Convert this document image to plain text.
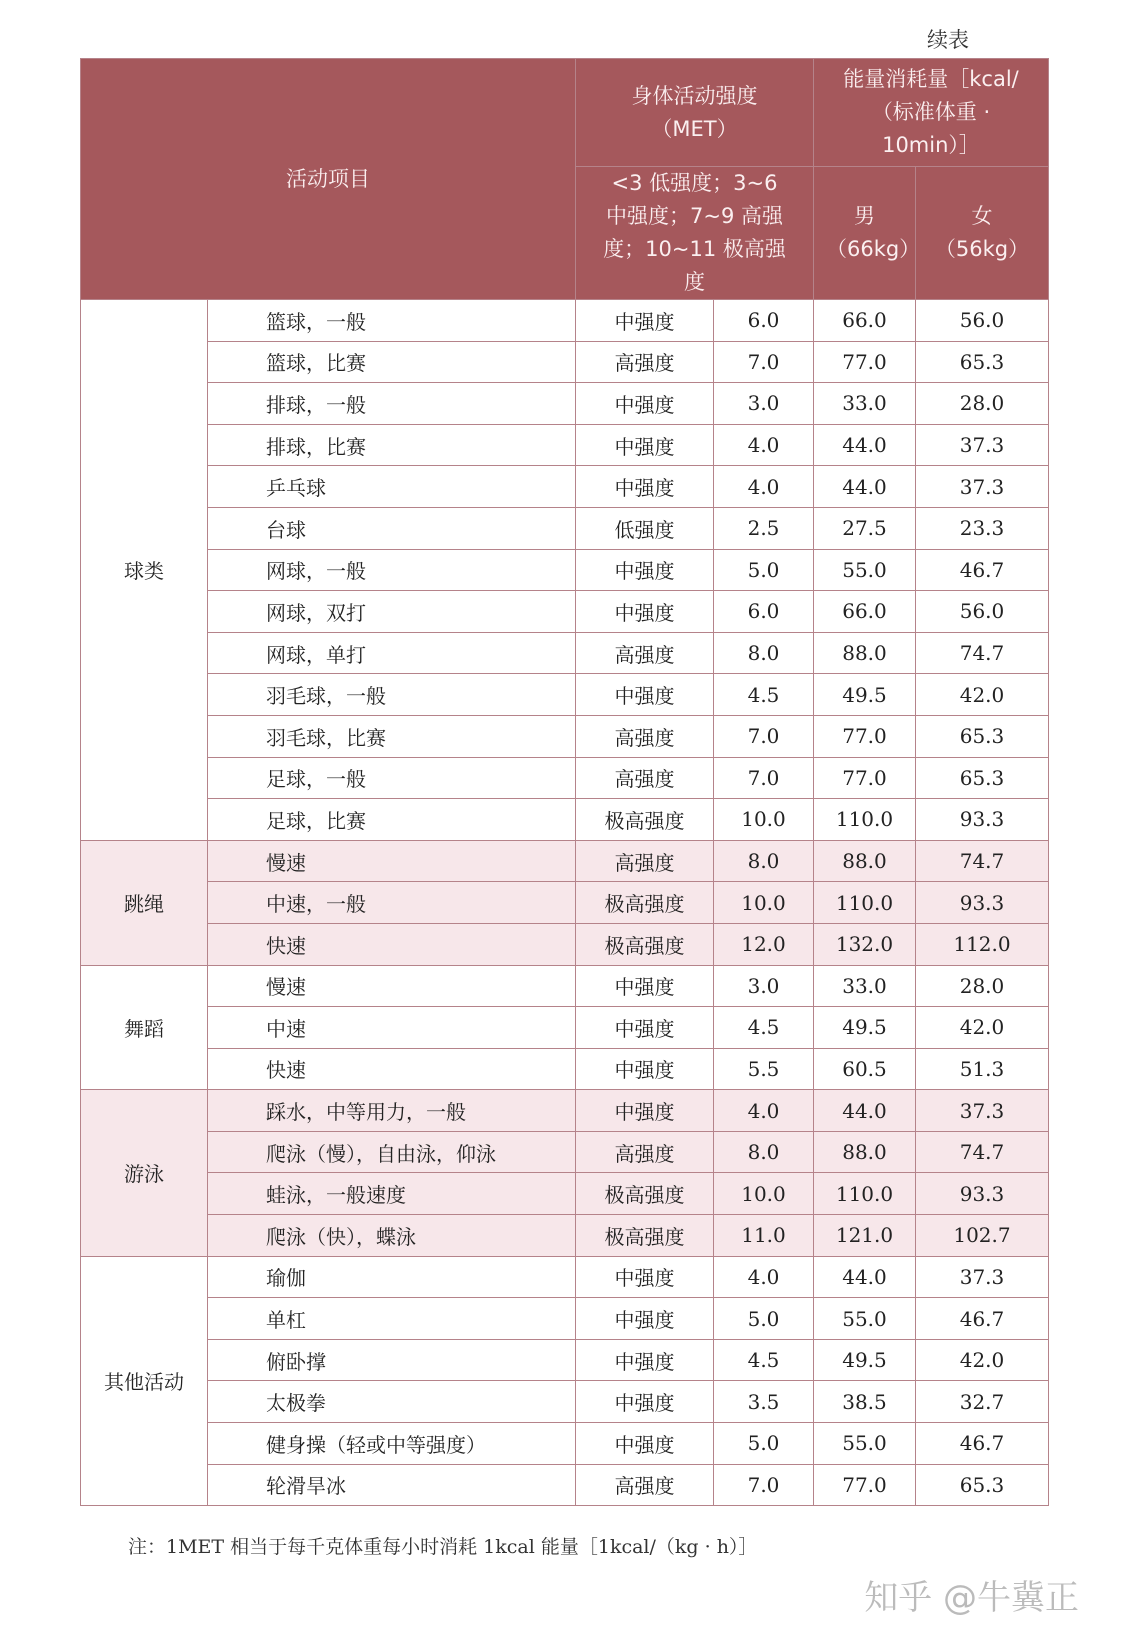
续表
活动项目		身体活动强度（MET）		能量消耗量［kcal/（标准体重 · 10min）］	
		<3 低强度；3~6 中强度；7~9 高强度；10~11 极高强度		男（66kg）	女（56kg）
球类	篮球，一般	中强度	6.0	66.0	56.0
	篮球，比赛	高强度	7.0	77.0	65.3
	排球，一般	中强度	3.0	33.0	28.0
	排球，比赛	中强度	4.0	44.0	37.3
	乒乓球	中强度	4.0	44.0	37.3
	台球	低强度	2.5	27.5	23.3
	网球，一般	中强度	5.0	55.0	46.7
	网球，双打	中强度	6.0	66.0	56.0
	网球，单打	高强度	8.0	88.0	74.7
	羽毛球，一般	中强度	4.5	49.5	42.0
	羽毛球，比赛	高强度	7.0	77.0	65.3
	足球，一般	高强度	7.0	77.0	65.3
	足球，比赛	极高强度	10.0	110.0	93.3
跳绳	慢速	高强度	8.0	88.0	74.7
	中速，一般	极高强度	10.0	110.0	93.3
	快速	极高强度	12.0	132.0	112.0
舞蹈	慢速	中强度	3.0	33.0	28.0
	中速	中强度	4.5	49.5	42.0
	快速	中强度	5.5	60.5	51.3
游泳	踩水，中等用力，一般	中强度	4.0	44.0	37.3
	爬泳（慢），自由泳，仰泳	高强度	8.0	88.0	74.7
	蛙泳，一般速度	极高强度	10.0	110.0	93.3
	爬泳（快），蝶泳	极高强度	11.0	121.0	102.7
其他活动	瑜伽	中强度	4.0	44.0	37.3
	单杠	中强度	5.0	55.0	46.7
	俯卧撑	中强度	4.5	49.5	42.0
	太极拳	中强度	3.5	38.5	32.7
	健身操（轻或中等强度）	中强度	5.0	55.0	46.7
	轮滑旱冰	高强度	7.0	77.0	65.3
注：1MET 相当于每千克体重每小时消耗 1kcal 能量［1kcal/（kg · h）］
知乎 @牛冀正
